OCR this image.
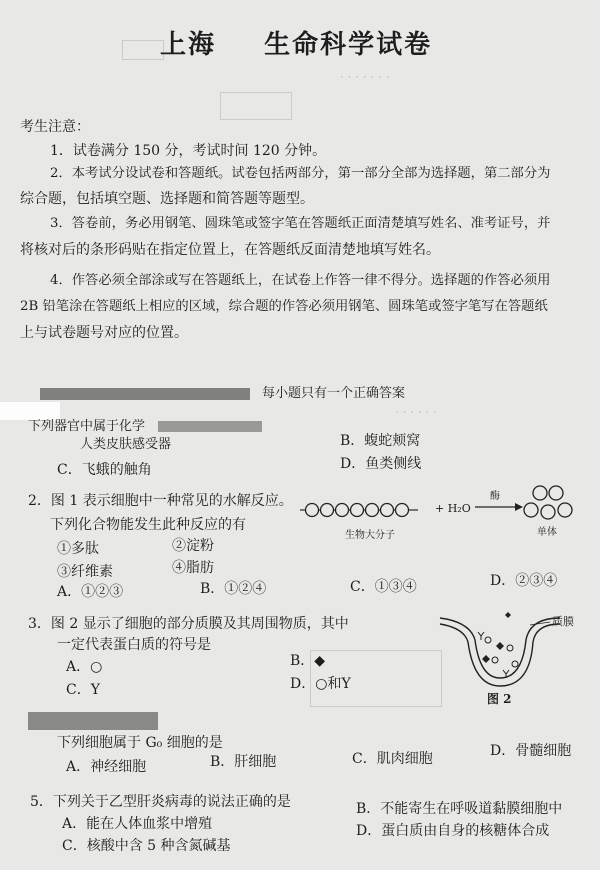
· · · · · · ·
· · · · · ·
上海 生命科学试卷
考生注意：
1．试卷满分 150 分，考试时间 120 分钟。
2．本考试分设试卷和答题纸。试卷包括两部分，第一部分全部为选择题，第二部分为
综合题，包括填空题、选择题和简答题等题型。
3．答卷前，务必用钢笔、圆珠笔或签字笔在答题纸正面清楚填写姓名、准考证号，并
将核对后的条形码贴在指定位置上，在答题纸反面清楚地填写姓名。
4．作答必须全部涂或写在答题纸上，在试卷上作答一律不得分。选择题的作答必须用
2B 铅笔涂在答题纸上相应的区域，综合题的作答必须用钢笔、圆珠笔或签字笔写在答题纸
上与试卷题号对应的位置。
每小题只有一个正确答案
下列器官中属于化学
人类皮肤感受器	B．蝮蛇颊窝
C．飞蛾的触角	D．鱼类侧线
2．图 1 表示细胞中一种常见的水解反应。
下列化合物能发生此种反应的有
①多肽	②淀粉
③纤维素	④脂肪
A．①②③	B．①②④	C．①③④	D．②③④
生物大分子
+ H₂O
酶
单体
3．图 2 显示了细胞的部分质膜及其周围物质，其中
一定代表蛋白质的符号是
A．○	B．◆
C．Y	D．○和Y
质膜
图 2
下列细胞属于 G₀ 细胞的是
A．神经细胞	B．肝细胞	C．肌肉细胞	D．骨髓细胞
5．下列关于乙型肝炎病毒的说法正确的是
A．能在人体血浆中增殖
B．不能寄生在呼吸道黏膜细胞中
C．核酸中含 5 种含氮碱基
D．蛋白质由自身的核糖体合成
